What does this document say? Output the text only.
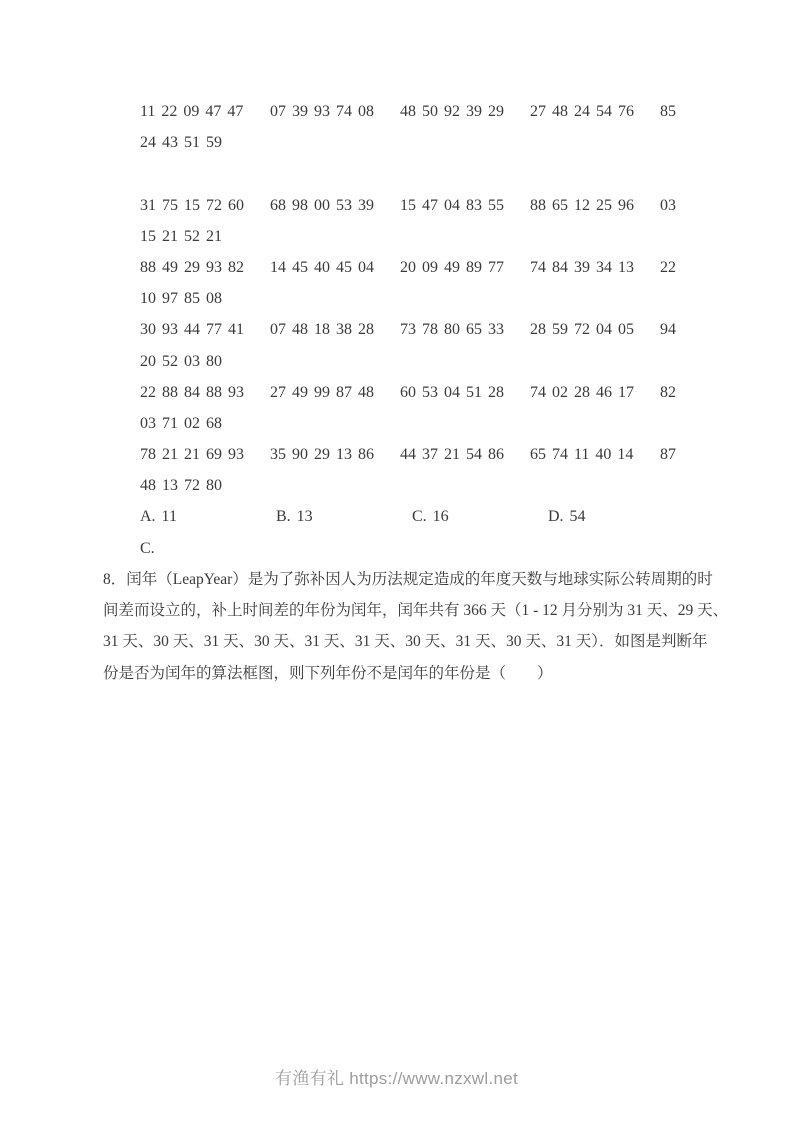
11 22 09 47 47	07 39 93 74 08	48 50 92 39 29	27 48 24 54 76	85
24 43 51 59
31 75 15 72 60	68 98 00 53 39	15 47 04 83 55	88 65 12 25 96	03
15 21 52 21
88 49 29 93 82	14 45 40 45 04	20 09 49 89 77	74 84 39 34 13	22
10 97 85 08
30 93 44 77 41	07 48 18 38 28	73 78 80 65 33	28 59 72 04 05	94
20 52 03 80
22 88 84 88 93	27 49 99 87 48	60 53 04 51 28	74 02 28 46 17	82
03 71 02 68
78 21 21 69 93	35 90 29 13 86	44 37 21 54 86	65 74 11 40 14	87
48 13 72 80
A. 11	B. 13	C. 16	D. 54
C.
8．闰年（LeapYear）是为了弥补因人为历法规定造成的年度天数与地球实际公转周期的时
间差而设立的，补上时间差的年份为闰年，闰年共有 366 天（1 - 12 月分别为 31 天、29 天、
31 天、30 天、31 天、30 天、31 天、31 天、30 天、31 天、30 天、31 天）．如图是判断年
份是否为闰年的算法框图，则下列年份不是闰年的年份是（　　）
有渔有礼 https://www.nzxwl.net
